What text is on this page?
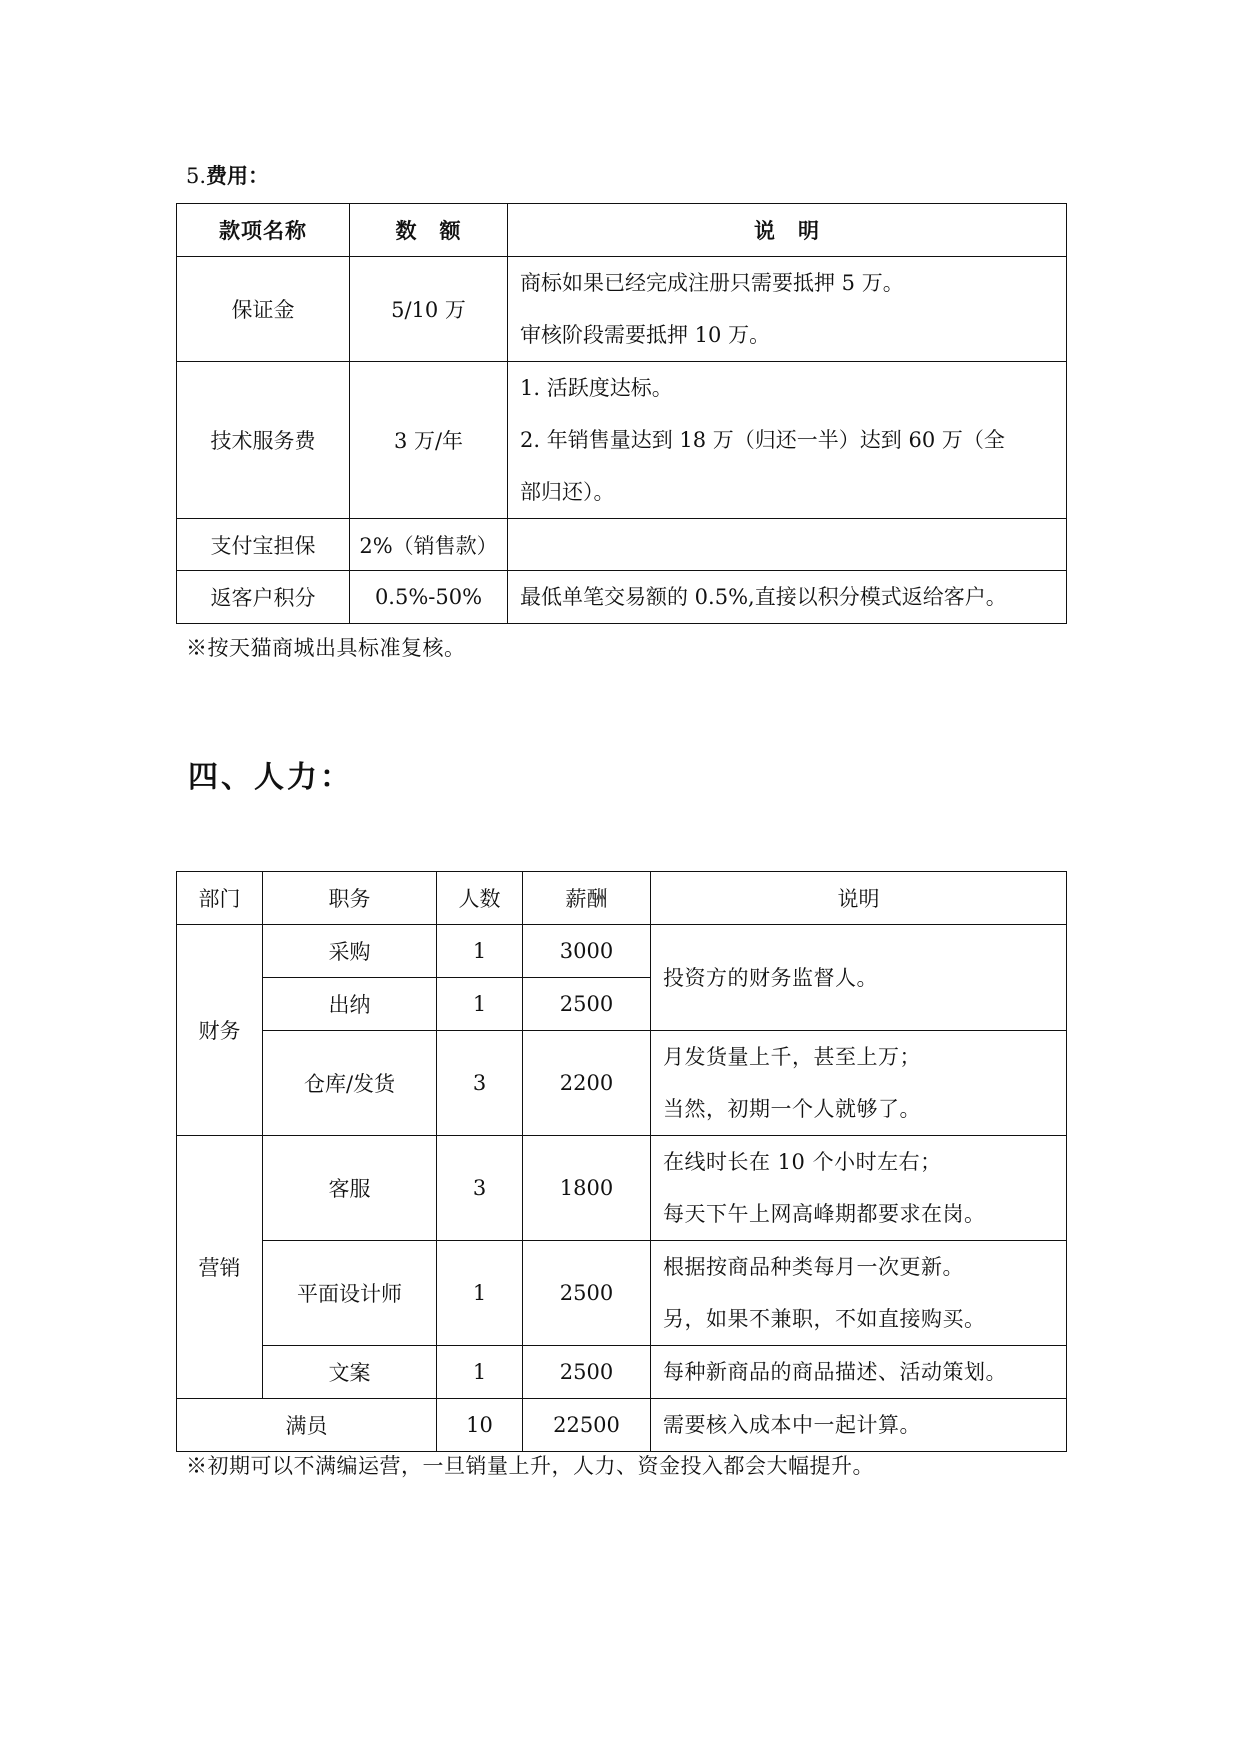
5.费用：
款项名称	数　额	说　明
保证金	5/10 万	商标如果已经完成注册只需要抵押 5 万。
审核阶段需要抵押 10 万。

技术服务费	3 万/年	1. 活跃度达标。
2. 年销售量达到 18 万（归还一半）达到 60 万（全
部归还）。

支付宝担保	2%（销售款）	

返客户积分	0.5%-50%	最低单笔交易额的 0.5%,直接以积分模式返给客户。
※按天猫商城出具标准复核。
四、人力：
部门	职务	人数	薪酬	说明
财务	采购	1	3000	投资方的财务监督人。
	出纳	1	2500	
	仓库/发货	3	2200	月发货量上千，甚至上万；
当然，初期一个人就够了。

营销	客服	3	1800	在线时长在 10 个小时左右；
每天下午上网高峰期都要求在岗。

	平面设计师	1	2500	根据按商品种类每月一次更新。
另，如果不兼职，不如直接购买。

	文案	1	2500	每种新商品的商品描述、活动策划。
满员		10	22500	需要核入成本中一起计算。
※初期可以不满编运营，一旦销量上升，人力、资金投入都会大幅提升。
